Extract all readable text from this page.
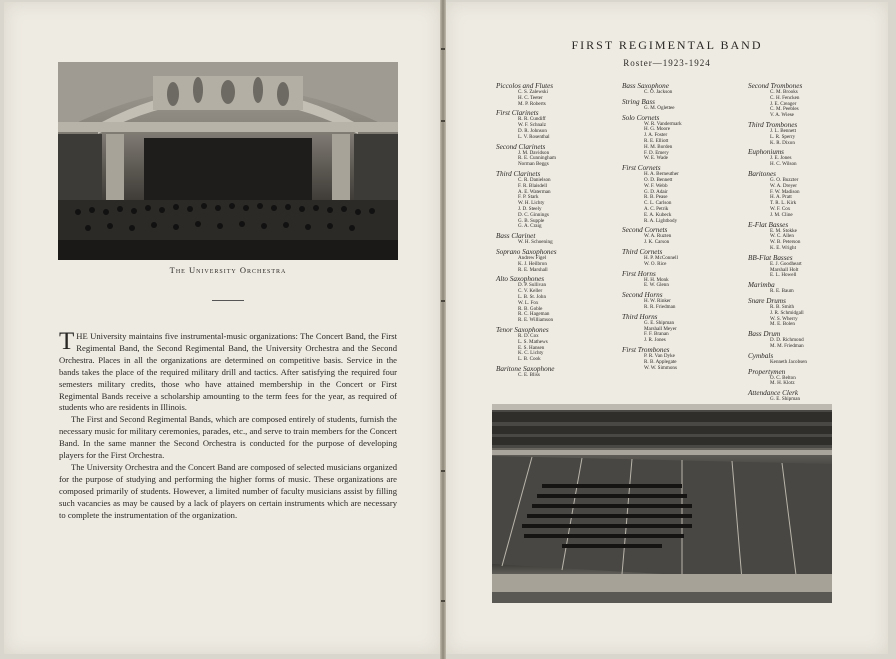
The University Orchestra

THE University maintains five instrumental-music organizations: The Concert Band, the First Regimental Band, the Second Regimental Band, the University Orchestra and the Second Orchestra. Places in all the organizations are determined on competitive basis. Service in the bands takes the place of the required military drill and tactics. After satisfying the required four semesters military credits, those who have attained membership in the Concert or First Regimental Bands receive a scholarship amounting to the term fees for the year, as required of students who are residents in Illinois.

The First and Second Regimental Bands, which are composed entirely of students, furnish the necessary music for military ceremonies, parades, etc., and serve to train members for the Concert Band. In the same manner the Second Orchestra is conducted for the purpose of developing players for the First Orchestra.

The University Orchestra and the Concert Band are composed of selected musicians organized for the purpose of studying and performing the higher forms of music. These organizations are composed primarily of students. However, a limited number of faculty musicians assist by filling such vacancies as may be caused by a lack of players on certain instruments which are necessary to complete the instrumentation of the organization.

FIRST REGIMENTAL BAND
Roster—1923-1924
Piccolos and Flutes
C. S. Zalewski
H. C. Teeter
M. P. Roberts
First Clarinets
R. R. Cundiff
W. F. Schnalz
D. R. Johnson
L. V. Rosenthal
Second Clarinets
J. M. Davidson
R. E. Cunningham
Norman Beggs
Third Clarinets
C. R. Danielson
F. R. Blaisdell
A. E. Waterman
F. P. Stark
W. H. Lichty
J. D. Steely
D. C. Ginnings
G. B. Supple
G. A. Craig
Bass Clarinet
W. H. Schoening
Soprano Saxophones
Andrew Figel
K. J. Heilbron
R. E. Marshall
Alto Saxophones
D. P. Sullivan
C. V. Keller
L. B. St. John
W. L. Fox
R. B. Goble
R. C. Hageman
R. E. Williamson
Tenor Saxophones
R. D. Cox
L. S. Mathews
E. S. Hansen
K. C. Lichty
L. B. Cook
Baritone Saxophone
C. E. Bliss
Bass Saxophone
C. O. Jackson
String Bass
G. M. Oglettee
Solo Cornets
W. R. Vandermark
H. G. Moore
J. A. Foster
R. E. Elliott
H. M. Borden
F. D. Emery
W. E. Wade
First Cornets
H. A. Berneuther
O. D. Bennett
W. F. Webb
G. D. Adair
R. B. Pease
C. L. Carlson
A. C. Petrik
E. A. Kubeck
R. A. Lightbody
Second Cornets
W. A. Ruzten
J. K. Carson
Third Cornets
H. P. McConnell
W. O. Rice
First Horns
H. H. Monk
E. W. Glenn
Second Horns
H. W. Rinker
R. R. Friedman
Third Horns
G. E. Shipman
Marshall Meyer
F. F. Branan
J. R. Jones
First Trombones
P. R. Van Dyke
R. B. Applegate
W. W. Simmons
Second Trombones
C. M. Brooks
C. H. Fencken
J. E. Creager
C. M. Peebles
V. A. Wiese
Third Trombones
J. L. Bennett
L. R. Sperry
K. R. Dixon
Euphoniums
J. E. Jones
H. C. Wilson
Baritones
G. O. Buzzter
W. A. Dreyer
F. W. Madison
H. A. Pratt
T. R. L. Kirk
W. F. Cox
J. M. Cline
E-Flat Basses
E. M. Stokke
W. C. Allen
W. B. Peterson
K. E. Wright
BB-Flat Basses
E. J. Goodheart
Marshall Holt
E. L. Howell
Marimba
R. E. Baum
Snare Drums
R. B. Smith
J. R. Schmidgall
W. S. Wherry
M. E. Bolen
Bass Drum
D. D. Richmond
M. M. Friedman
Cymbals
Kenneth Jacobsen
Propertymen
O. C. Belton
M. H. Klotz
Attendance Clerk
G. E. Shipman
